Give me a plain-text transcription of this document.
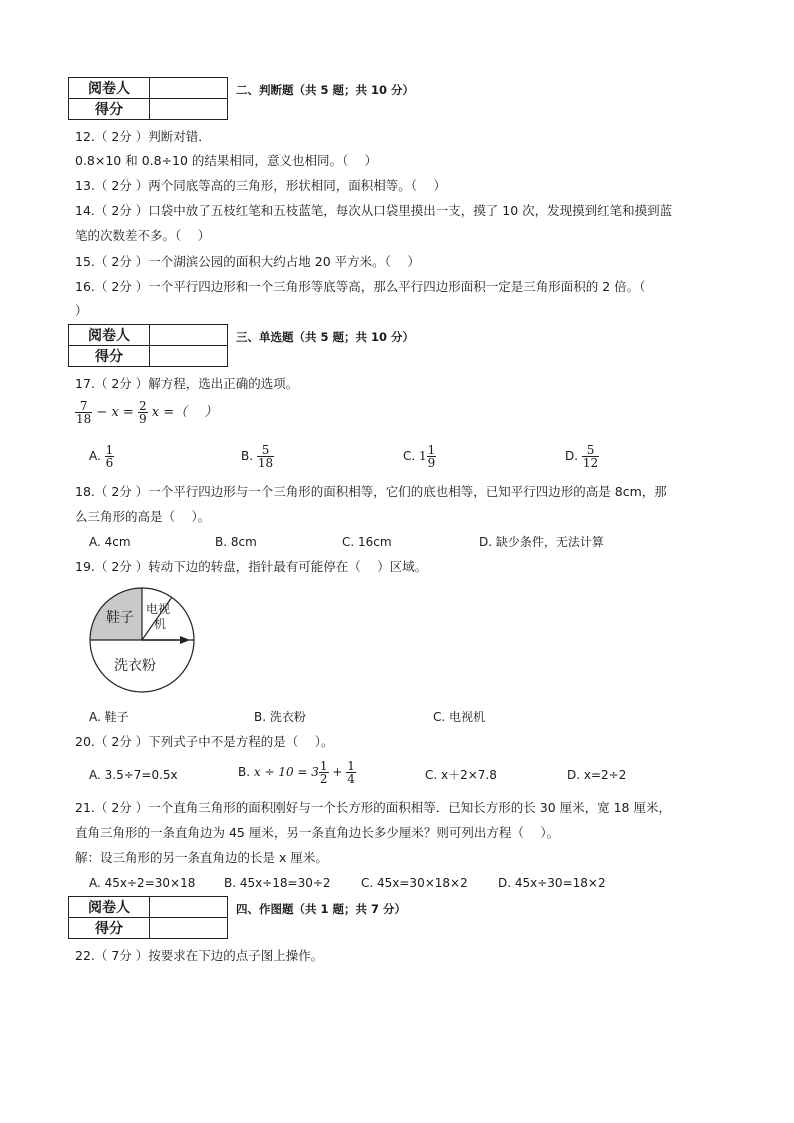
阅卷人	
得分	
二、判断题（共 5 题；共 10 分）
12.（ 2分 ）判断对错．
0.8×10 和 0.8÷10 的结果相同，意义也相同。（　 ）
13.（ 2分 ）两个同底等高的三角形，形状相同，面积相等。（　 ）
14.（ 2分 ）口袋中放了五枝红笔和五枝蓝笔，每次从口袋里摸出一支，摸了 10 次，发现摸到红笔和摸到蓝
笔的次数差不多。（　 ）
15.（ 2分 ）一个湖滨公园的面积大约占地 20 平方米。（　 ）
16.（ 2分 ）一个平行四边形和一个三角形等底等高，那么平行四边形面积一定是三角形面积的 2 倍。（
）
阅卷人	
得分	
三、单选题（共 5 题；共 10 分）
17.（ 2分 ）解方程，选出正确的选项。
$\frac{7}{18} - x = \frac{2}{9}$ x =（　 ）
A. $\frac{1}{6}$	B. $\frac{5}{18}$	C. $1 \frac{1}{9}$	D. $\frac{5}{12}$
18.（ 2分 ）一个平行四边形与一个三角形的面积相等，它们的底也相等，已知平行四边形的高是 8cm，那
么三角形的高是（　 ）。
A. 4cm	B. 8cm	C. 16cm	D. 缺少条件，无法计算
19.（ 2分 ）转动下边的转盘，指针最有可能停在（　 ）区域。
鞋子
电视
机
洗衣粉
A. 鞋子	B. 洗衣粉	C. 电视机
20.（ 2分 ）下列式子中不是方程的是（　 ）。
A. 3.5÷7=0.5x	B. $x \div 10 = 3 \frac{1}{2} + \frac{1}{4}$	C. x＋2×7.8	D. x=2÷2
21.（ 2分 ）一个直角三角形的面积刚好与一个长方形的面积相等．已知长方形的长 30 厘米，宽 18 厘米，
直角三角形的一条直角边为 45 厘米，另一条直角边长多少厘米？则可列出方程（　 ）。
解：设三角形的另一条直角边的长是 x 厘米。
A. 45x÷2=30×18 B. 45x÷18=30÷2	C. 45x=30×18×2	D. 45x÷30=18×2
阅卷人	
得分	
四、作图题（共 1 题；共 7 分）
22.（ 7分 ）按要求在下边的点子图上操作。
